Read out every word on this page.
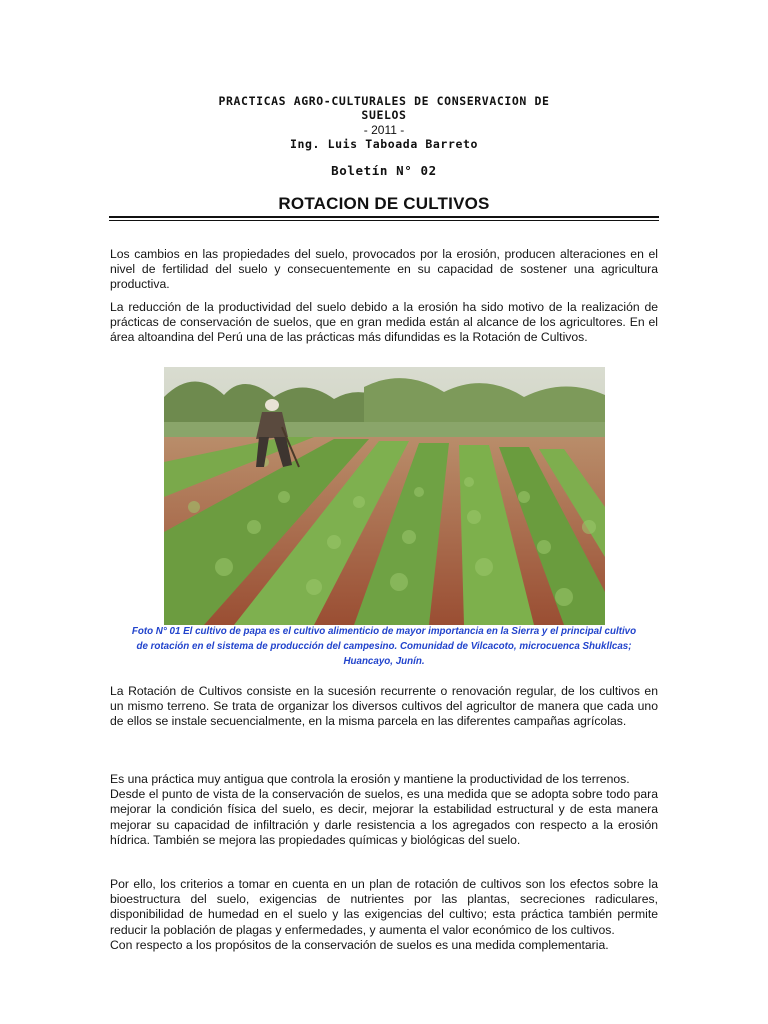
PRACTICAS AGRO-CULTURALES DE CONSERVACION DE
SUELOS
- 2011 -
Ing. Luis Taboada Barreto
Boletín N° 02
ROTACION DE CULTIVOS

Los cambios en las propiedades del suelo, provocados por la erosión, producen alteraciones en el nivel de fertilidad del suelo y consecuentemente en su capacidad de sostener una agricultura productiva.

La reducción de la productividad del suelo debido a la erosión ha sido motivo de la realización de prácticas de conservación de suelos, que en gran medida están al alcance de los agricultores. En el área altoandina del Perú una de las prácticas más difundidas es la Rotación de Cultivos.

Foto N° 01 El cultivo de papa es el cultivo alimenticio de mayor importancia en la Sierra y el principal cultivo
de rotación en el sistema de producción del campesino. Comunidad de Vilcacoto, microcuenca Shukllcas;
Huancayo, Junín.

La Rotación de Cultivos consiste en la sucesión recurrente o renovación regular, de los cultivos en un mismo terreno. Se trata de organizar los diversos cultivos del agricultor de manera que cada uno de ellos se instale secuencialmente, en la misma parcela en las diferentes campañas agrícolas.

Es una práctica muy antigua que controla la erosión y mantiene la productividad de los terrenos.
Desde el punto de vista de la conservación de suelos, es una medida que se adopta sobre todo para mejorar la condición física del suelo, es decir, mejorar la estabilidad estructural y de esta manera mejorar su capacidad de infiltración y darle resistencia a los agregados con respecto a la erosión hídrica. También se mejora las propiedades químicas y biológicas del suelo.
Por ello, los criterios a tomar en cuenta en un plan de rotación de cultivos son los efectos sobre la bioestructura del suelo, exigencias de nutrientes por las plantas, secreciones radiculares, disponibilidad de humedad en el suelo y las exigencias del cultivo; esta práctica también permite reducir la población de plagas y enfermedades, y aumenta el valor económico de los cultivos.
Con respecto a los propósitos de la conservación de suelos es una medida complementaria.
